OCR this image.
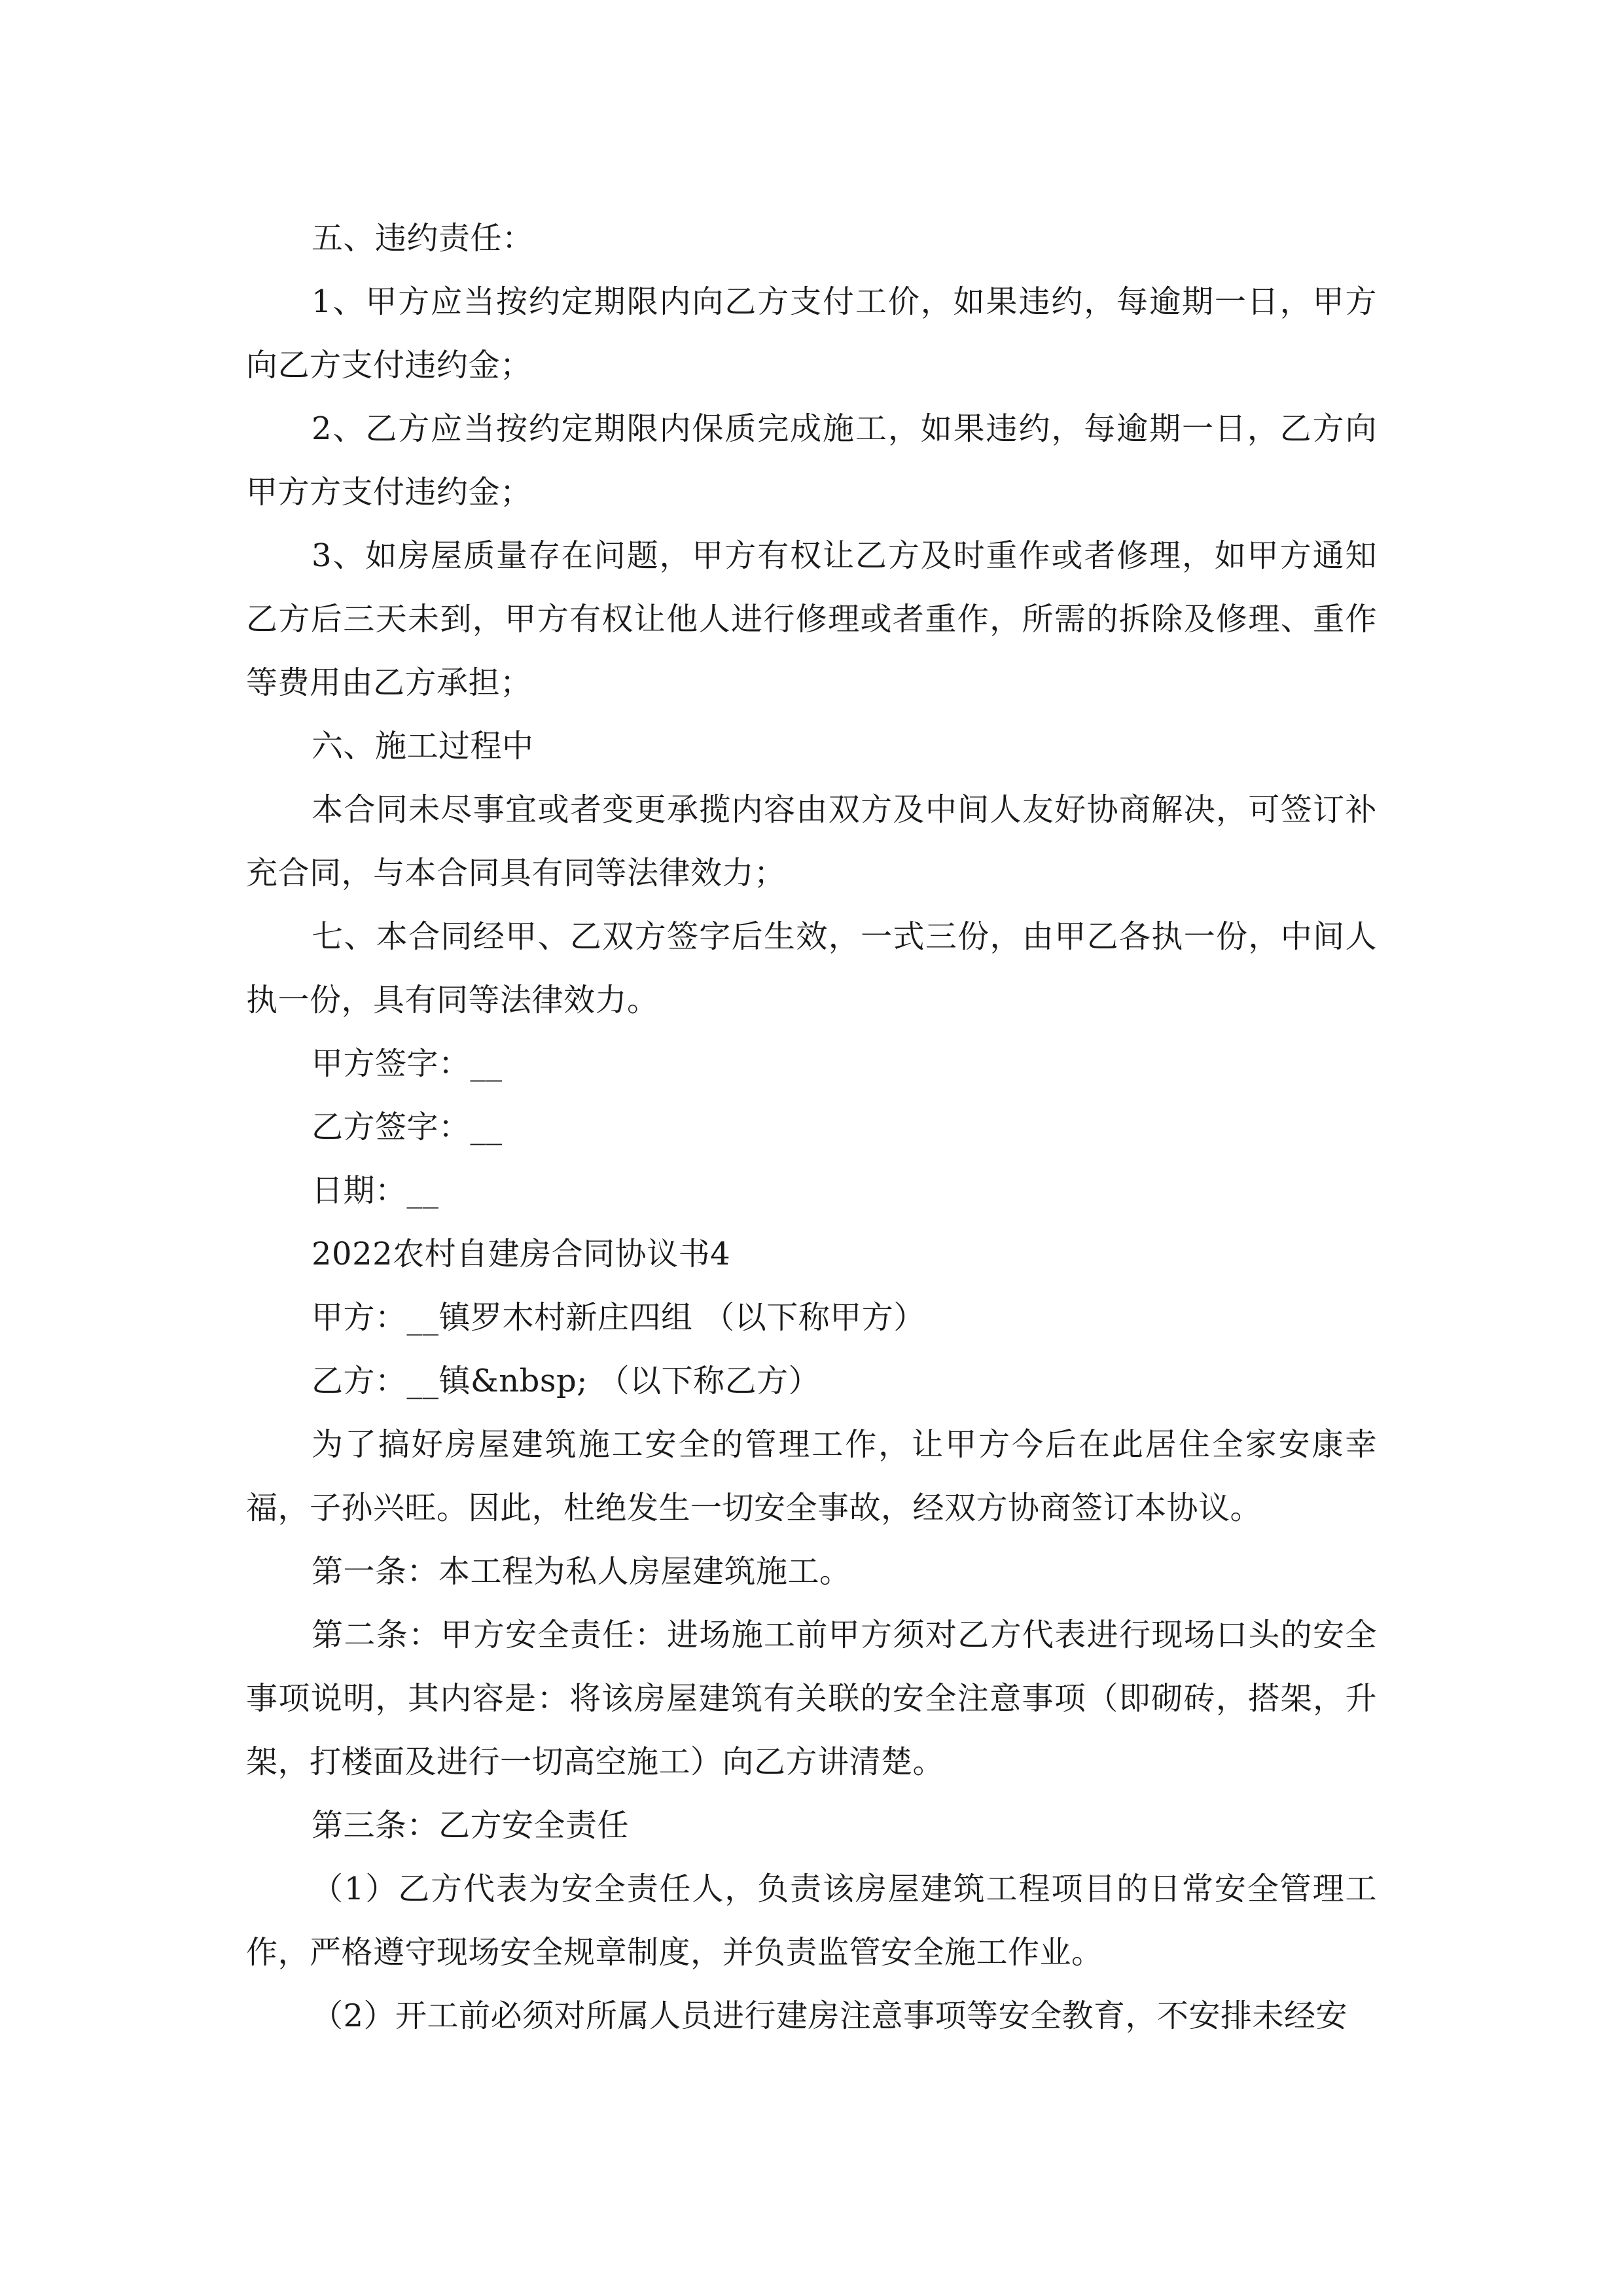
五、违约责任：

1、甲方应当按约定期限内向乙方支付工价，如果违约，每逾期一日，甲方向乙方支付违约金；

2、乙方应当按约定期限内保质完成施工，如果违约，每逾期一日，乙方向甲方方支付违约金；

3、如房屋质量存在问题，甲方有权让乙方及时重作或者修理，如甲方通知乙方后三天未到，甲方有权让他人进行修理或者重作，所需的拆除及修理、重作等费用由乙方承担；

六、施工过程中

本合同未尽事宜或者变更承揽内容由双方及中间人友好协商解决，可签订补充合同，与本合同具有同等法律效力；

七、本合同经甲、乙双方签字后生效，一式三份，由甲乙各执一份，中间人执一份，具有同等法律效力。

甲方签字：__

乙方签字：__

日期：__

2022农村自建房合同协议书4

甲方：__镇罗木村新庄四组 （以下称甲方）

乙方：__镇&nbsp; （以下称乙方）

为了搞好房屋建筑施工安全的管理工作，让甲方今后在此居住全家安康幸福，子孙兴旺。因此，杜绝发生一切安全事故，经双方协商签订本协议。

第一条：本工程为私人房屋建筑施工。

第二条：甲方安全责任：进场施工前甲方须对乙方代表进行现场口头的安全事项说明，其内容是：将该房屋建筑有关联的安全注意事项（即砌砖，搭架，升架，打楼面及进行一切高空施工）向乙方讲清楚。

第三条：乙方安全责任

（1）乙方代表为安全责任人，负责该房屋建筑工程项目的日常安全管理工作，严格遵守现场安全规章制度，并负责监管安全施工作业。

（2）开工前必须对所属人员进行建房注意事项等安全教育，不安排未经安
